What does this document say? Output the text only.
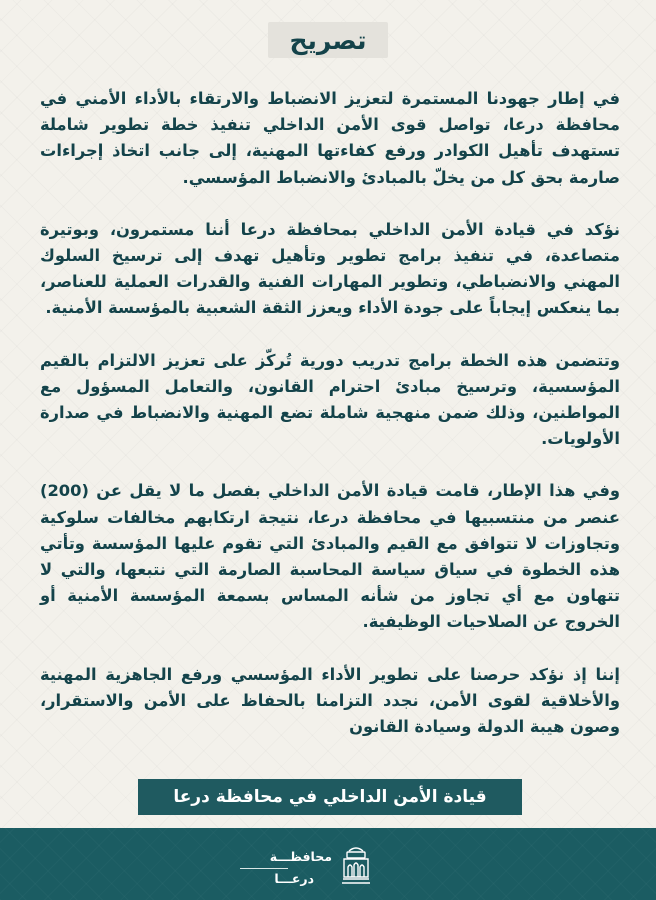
تصريح

في إطار جهودنا المستمرة لتعزيز الانضباط والارتقاء بالأداء الأمني في محافظة درعا، تواصل قوى الأمن الداخلي تنفيذ خطة تطوير شاملة تستهدف تأهيل الكوادر ورفع كفاءتها المهنية، إلى جانب اتخاذ إجراءات صارمة بحق كل من يخلّ بالمبادئ والانضباط المؤسسي.

نؤكد في قيادة الأمن الداخلي بمحافظة درعا أننا مستمرون، وبوتيرة متصاعدة، في تنفيذ برامج تطوير وتأهيل تهدف إلى ترسيخ السلوك المهني والانضباطي، وتطوير المهارات الفنية والقدرات العملية للعناصر، بما ينعكس إيجاباً على جودة الأداء ويعزز الثقة الشعبية بالمؤسسة الأمنية.

وتتضمن هذه الخطة برامج تدريب دورية تُركّز على تعزيز الالتزام بالقيم المؤسسية، وترسيخ مبادئ احترام القانون، والتعامل المسؤول مع المواطنين، وذلك ضمن منهجية شاملة تضع المهنية والانضباط في صدارة الأولويات.

وفي هذا الإطار، قامت قيادة الأمن الداخلي بفصل ما لا يقل عن (200) عنصر من منتسبيها في محافظة درعا، نتيجة ارتكابهم مخالفات سلوكية وتجاوزات لا تتوافق مع القيم والمبادئ التي تقوم عليها المؤسسة وتأتي هذه الخطوة في سياق سياسة المحاسبة الصارمة التي نتبعها، والتي لا تتهاون مع أي تجاوز من شأنه المساس بسمعة المؤسسة الأمنية أو الخروج عن الصلاحيات الوظيفية.

إننا إذ نؤكد حرصنا على تطوير الأداء المؤسسي ورفع الجاهزية المهنية والأخلاقية لقوى الأمن، نجدد التزامنا بالحفاظ على الأمن والاستقرار، وصون هيبة الدولة وسيادة القانون

قيادة الأمن الداخلي في محافظة درعا
محافظـــة
درعـــا
